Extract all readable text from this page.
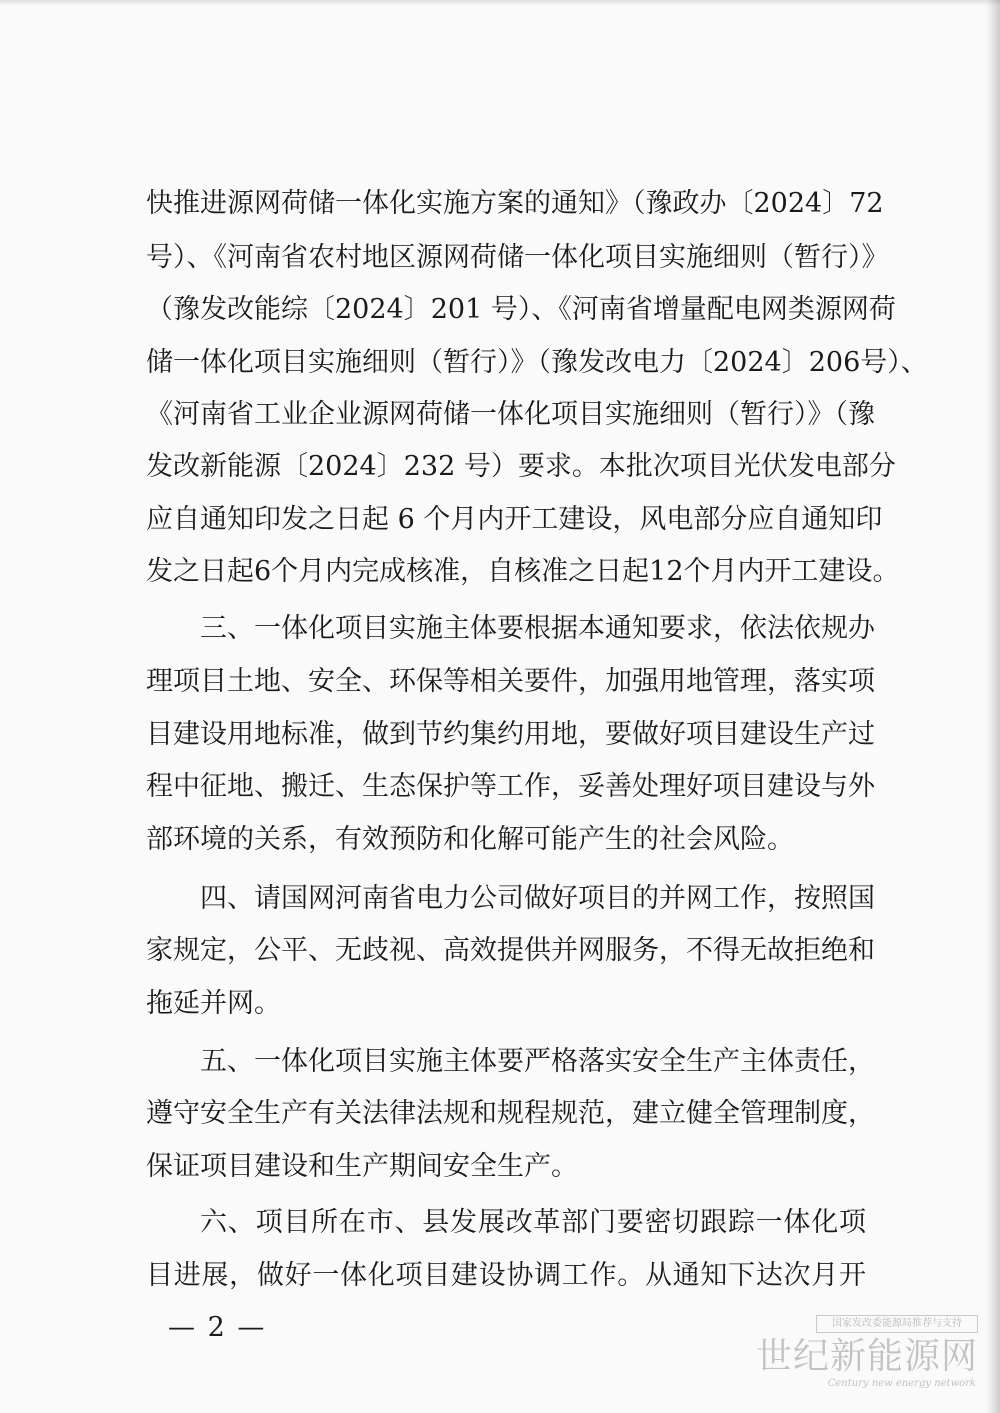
快推进源网荷储一体化实施方案的通知》（豫政办〔2024〕72
号）、《河南省农村地区源网荷储一体化项目实施细则（暂行）》
（豫发改能综〔2024〕201 号）、《河南省增量配电网类源网荷
储一体化项目实施细则（暂行）》（豫发改电力〔2024〕206号）、
《河南省工业企业源网荷储一体化项目实施细则（暂行）》（豫
发改新能源〔2024〕232 号）要求。本批次项目光伏发电部分
应自通知印发之日起 6 个月内开工建设，风电部分应自通知印
发之日起6个月内完成核准，自核准之日起12个月内开工建设。
三、一体化项目实施主体要根据本通知要求，依法依规办
理项目土地、安全、环保等相关要件，加强用地管理，落实项
目建设用地标准，做到节约集约用地，要做好项目建设生产过
程中征地、搬迁、生态保护等工作，妥善处理好项目建设与外
部环境的关系，有效预防和化解可能产生的社会风险。
四、请国网河南省电力公司做好项目的并网工作，按照国
家规定，公平、无歧视、高效提供并网服务，不得无故拒绝和
拖延并网。
五、一体化项目实施主体要严格落实安全生产主体责任，
遵守安全生产有关法律法规和规程规范，建立健全管理制度，
保证项目建设和生产期间安全生产。
六、项目所在市、县发展改革部门要密切跟踪一体化项
目进展，做好一体化项目建设协调工作。从通知下达次月开
— 2 —	国家发改委能源局推荐与支持
世纪新能源网
Century new energy network
